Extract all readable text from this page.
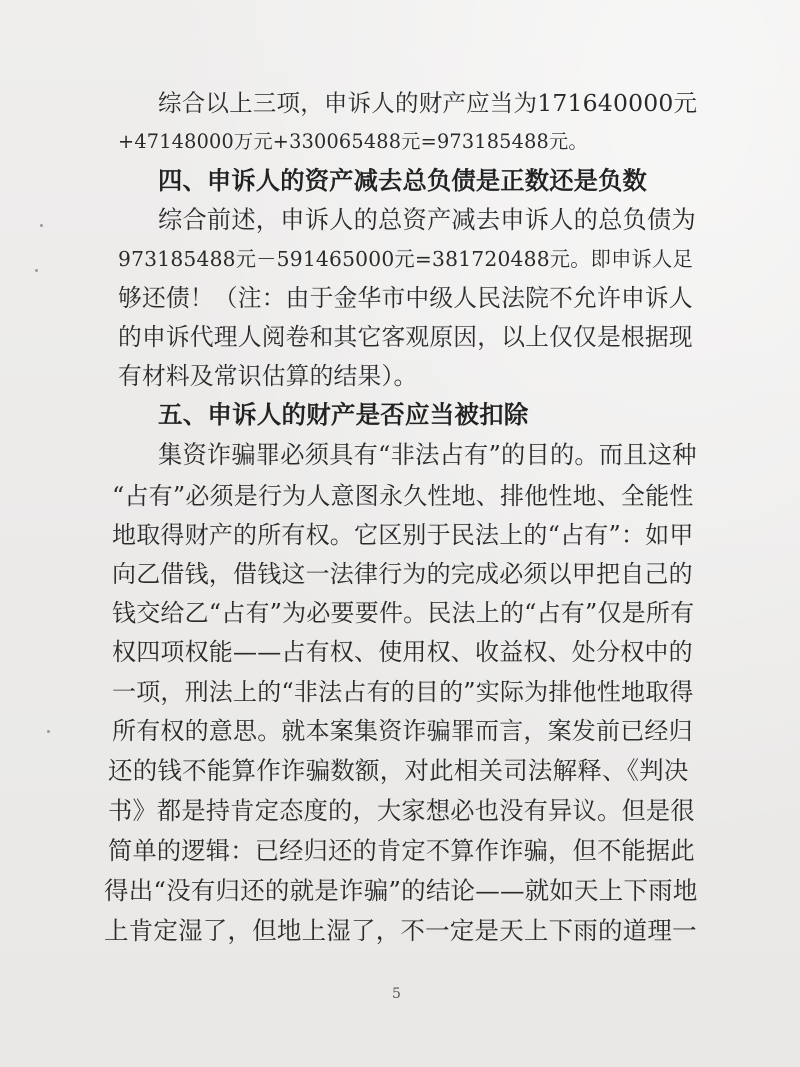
综合以上三项，申诉人的财产应当为171640000元
+47148000万元+330065488元=973185488元。
四、申诉人的资产减去总负债是正数还是负数
综合前述，申诉人的总资产减去申诉人的总负债为
973185488元－591465000元=381720488元。即申诉人足
够还债！（注：由于金华市中级人民法院不允许申诉人
的申诉代理人阅卷和其它客观原因，以上仅仅是根据现
有材料及常识估算的结果）。
五、申诉人的财产是否应当被扣除
集资诈骗罪必须具有“非法占有”的目的。而且这种
“占有”必须是行为人意图永久性地、排他性地、全能性
地取得财产的所有权。它区别于民法上的“占有”：如甲
向乙借钱，借钱这一法律行为的完成必须以甲把自己的
钱交给乙“占有”为必要要件。民法上的“占有”仅是所有
权四项权能——占有权、使用权、收益权、处分权中的
一项，刑法上的“非法占有的目的”实际为排他性地取得
所有权的意思。就本案集资诈骗罪而言，案发前已经归
还的钱不能算作诈骗数额，对此相关司法解释、《判决
书》都是持肯定态度的，大家想必也没有异议。但是很
简单的逻辑：已经归还的肯定不算作诈骗，但不能据此
得出“没有归还的就是诈骗”的结论——就如天上下雨地
上肯定湿了，但地上湿了，不一定是天上下雨的道理一
5
